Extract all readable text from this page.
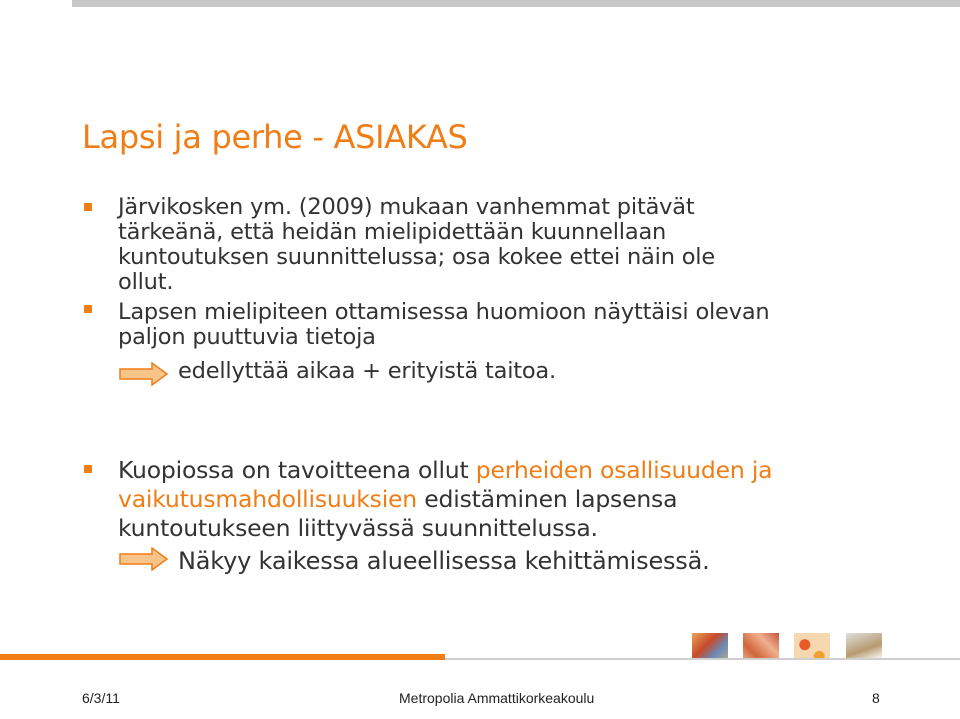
Lapsi ja perhe - ASIAKAS
Järvikosken ym. (2009) mukaan vanhemmat pitävät
tärkeänä, että heidän mielipidettään kuunnellaan
kuntoutuksen suunnittelussa; osa kokee ettei näin ole
ollut.
Lapsen mielipiteen ottamisessa huomioon näyttäisi olevan
paljon puuttuvia tietoja
edellyttää aikaa + erityistä taitoa.
Kuopiossa on tavoitteena ollut perheiden osallisuuden ja
vaikutusmahdollisuuksien edistäminen lapsensa
kuntoutukseen liittyvässä suunnittelussa.
Näkyy kaikessa alueellisessa kehittämisessä.
6/3/11	Metropolia Ammattikorkeakoulu	8
